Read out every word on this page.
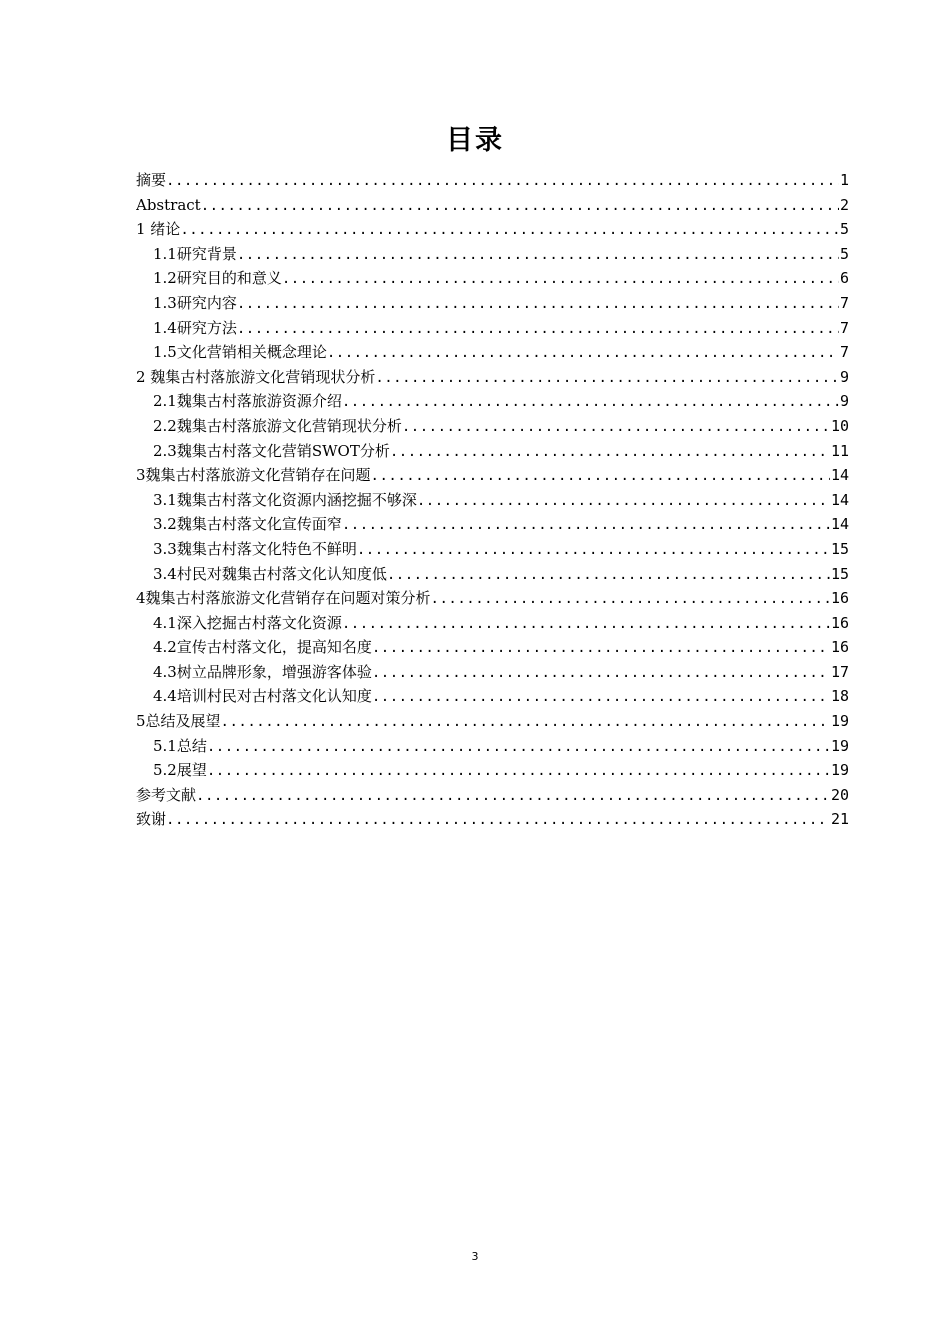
目录
摘要 .....	1
Abstract .....	2
1 绪论 .....	5
1.1研究背景 .....	5
1.2研究目的和意义 .....	6
1.3研究内容 .....	7
1.4研究方法 .....	7
1.5文化营销相关概念理论 .....	7
2 魏集古村落旅游文化营销现状分析 .....	9
2.1魏集古村落旅游资源介绍 .....	9
2.2魏集古村落旅游文化营销现状分析 .....	10
2.3魏集古村落文化营销SWOT分析 .....	11
3魏集古村落旅游文化营销存在问题 .....	14
3.1魏集古村落文化资源内涵挖掘不够深 .....	14
3.2魏集古村落文化宣传面窄 .....	14
3.3魏集古村落文化特色不鲜明 .....	15
3.4村民对魏集古村落文化认知度低 .....	15
4魏集古村落旅游文化营销存在问题对策分析 .....	16
4.1深入挖掘古村落文化资源 .....	16
4.2宣传古村落文化，提高知名度 .....	16
4.3树立品牌形象，增强游客体验 .....	17
4.4培训村民对古村落文化认知度 .....	18
5总结及展望 .....	19
5.1总结 .....	19
5.2展望 .....	19
参考文献 .....	20
致谢 .....	21
3
